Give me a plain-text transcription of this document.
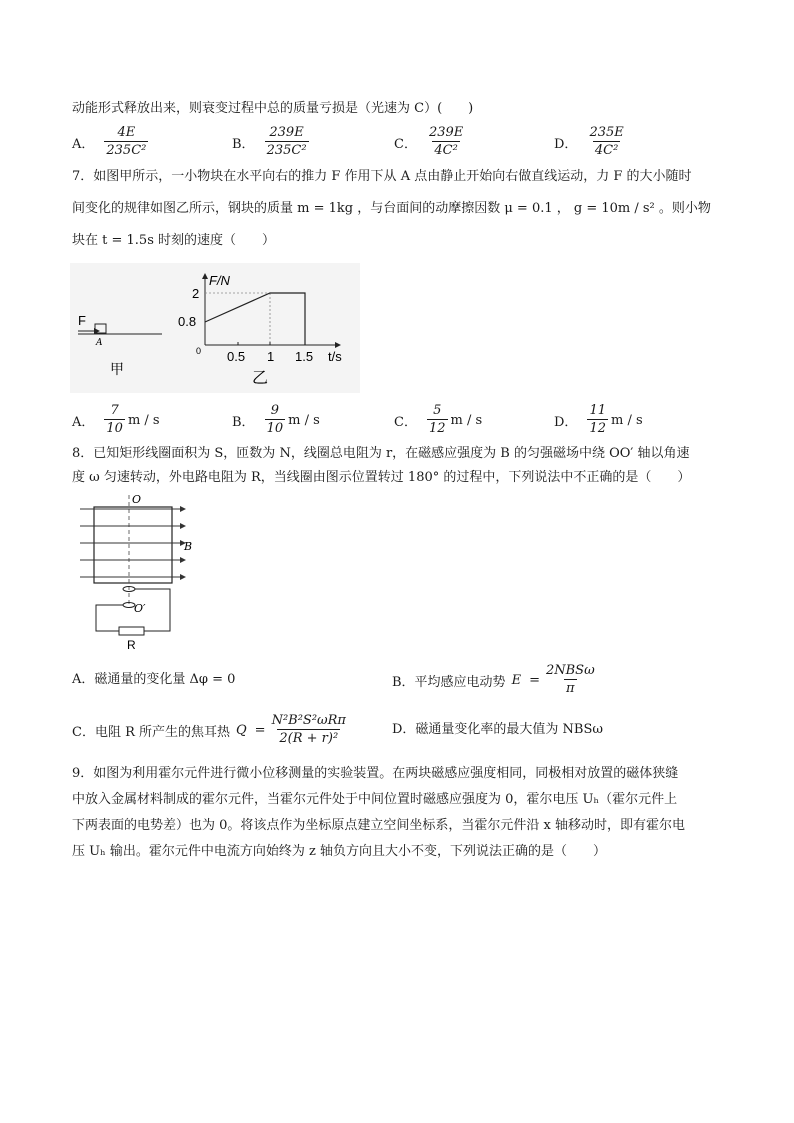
动能形式释放出来，则衰变过程中总的质量亏损是（光速为 C）(　　)
A． $\frac{4E}{\text{235C²}}$	B． $\frac{239E}{\text{235C²}}$	C． $\frac{239E}{\text{4C²}}$	D． $\frac{235E}{\text{4C²}}$
7．如图甲所示，一小物块在水平向右的推力 F 作用下从 A 点由静止开始向右做直线运动，力 F 的大小随时
间变化的规律如图乙所示，钢块的质量 m = 1kg ，与台面间的动摩擦因数 μ = 0.1 ， g = 10m / s² 。则小物
块在 t = 1.5s 时刻的速度（　　）
F
A
甲
F/N
2
0.8
0 0.5 1 1.5 t/s
乙
A． $\frac{7}{10}$ m / s	B． $\frac{9}{10}$ m / s	C． $\frac{5}{12}$ m / s	D． $\frac{11}{12}$ m / s
8．已知矩形线圈面积为 S，匝数为 N，线圈总电阻为 r，在磁感应强度为 B 的匀强磁场中绕 OO′ 轴以角速
度 ω 匀速转动，外电路电阻为 R，当线圈由图示位置转过 180° 的过程中，下列说法中不正确的是（　　）
O
B
O′
R
A．磁通量的变化量 Δφ = 0	B．平均感应电动势 $E = \frac{\text{2NBSω}}{\pi}$
C．电阻 R 所产生的焦耳热 $Q = \frac{\text{N²B²S²ωRπ}}{\text{2(R + r)²}}$	D．磁通量变化率的最大值为 NBSω
9．如图为利用霍尔元件进行微小位移测量的实验装置。在两块磁感应强度相同，同极相对放置的磁体狭缝
中放入金属材料制成的霍尔元件，当霍尔元件处于中间位置时磁感应强度为 0，霍尔电压 Uₕ（霍尔元件上
下两表面的电势差）也为 0。将该点作为坐标原点建立空间坐标系，当霍尔元件沿 x 轴移动时，即有霍尔电
压 Uₕ 输出。霍尔元件中电流方向始终为 z 轴负方向且大小不变，下列说法正确的是（　　）
